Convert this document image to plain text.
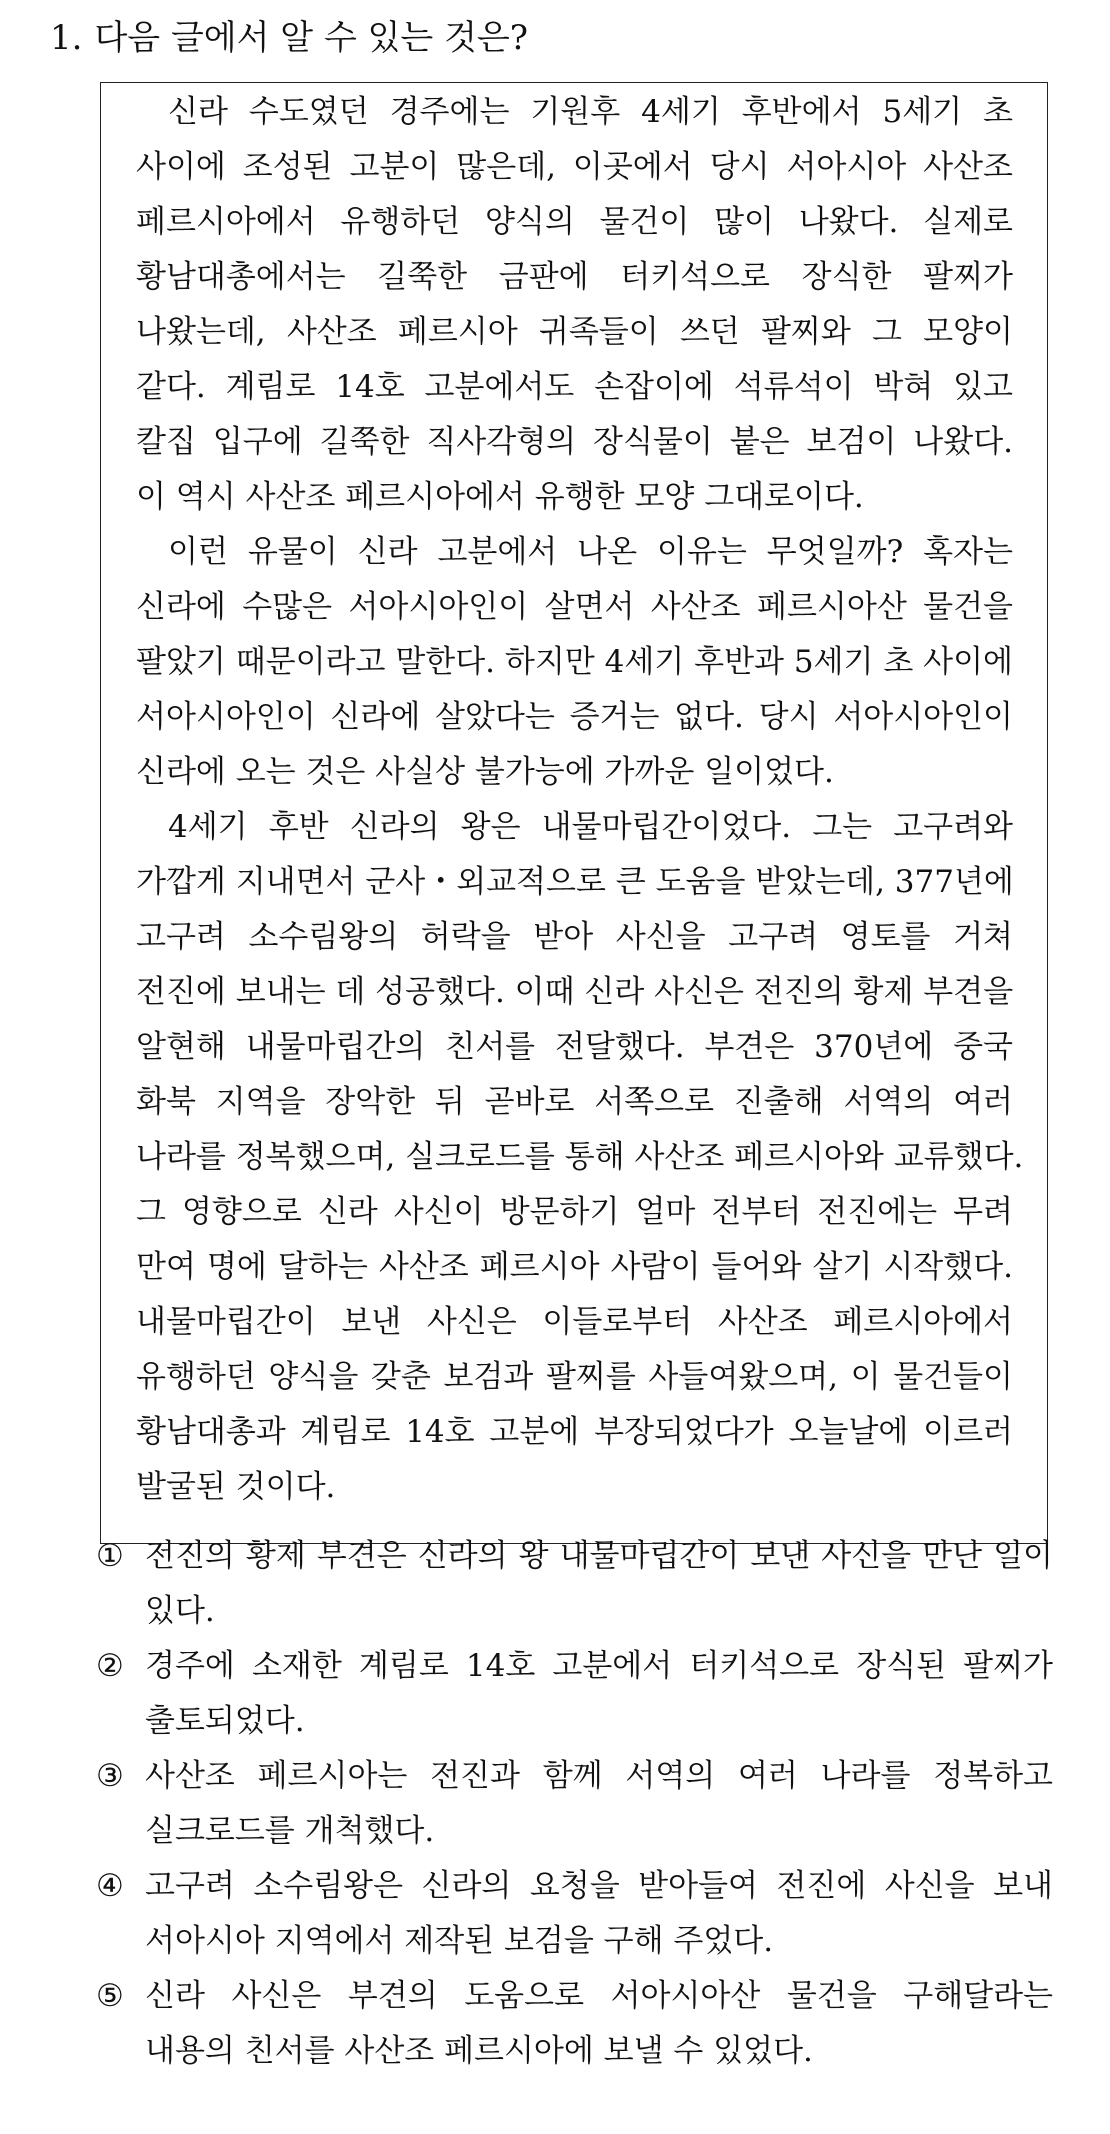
1. 다음 글에서 알 수 있는 것은?
신라 수도였던 경주에는 기원후 4세기 후반에서 5세기 초
사이에 조성된 고분이 많은데, 이곳에서 당시 서아시아 사산조
페르시아에서 유행하던 양식의 물건이 많이 나왔다. 실제로
황남대총에서는 길쭉한 금판에 터키석으로 장식한 팔찌가
나왔는데, 사산조 페르시아 귀족들이 쓰던 팔찌와 그 모양이
같다. 계림로 14호 고분에서도 손잡이에 석류석이 박혀 있고
칼집 입구에 길쭉한 직사각형의 장식물이 붙은 보검이 나왔다.
이 역시 사산조 페르시아에서 유행한 모양 그대로이다.
이런 유물이 신라 고분에서 나온 이유는 무엇일까? 혹자는
신라에 수많은 서아시아인이 살면서 사산조 페르시아산 물건을
팔았기 때문이라고 말한다. 하지만 4세기 후반과 5세기 초 사이에
서아시아인이 신라에 살았다는 증거는 없다. 당시 서아시아인이
신라에 오는 것은 사실상 불가능에 가까운 일이었다.
4세기 후반 신라의 왕은 내물마립간이었다. 그는 고구려와
가깝게 지내면서 군사・외교적으로 큰 도움을 받았는데, 377년에
고구려 소수림왕의 허락을 받아 사신을 고구려 영토를 거쳐
전진에 보내는 데 성공했다. 이때 신라 사신은 전진의 황제 부견을
알현해 내물마립간의 친서를 전달했다. 부견은 370년에 중국
화북 지역을 장악한 뒤 곧바로 서쪽으로 진출해 서역의 여러
나라를 정복했으며, 실크로드를 통해 사산조 페르시아와 교류했다.
그 영향으로 신라 사신이 방문하기 얼마 전부터 전진에는 무려
만여 명에 달하는 사산조 페르시아 사람이 들어와 살기 시작했다.
내물마립간이 보낸 사신은 이들로부터 사산조 페르시아에서
유행하던 양식을 갖춘 보검과 팔찌를 사들여왔으며, 이 물건들이
황남대총과 계림로 14호 고분에 부장되었다가 오늘날에 이르러
발굴된 것이다.
① 전진의 황제 부견은 신라의 왕 내물마립간이 보낸 사신을 만난 일이
있다.
② 경주에 소재한 계림로 14호 고분에서 터키석으로 장식된 팔찌가
출토되었다.
③ 사산조 페르시아는 전진과 함께 서역의 여러 나라를 정복하고
실크로드를 개척했다.
④ 고구려 소수림왕은 신라의 요청을 받아들여 전진에 사신을 보내
서아시아 지역에서 제작된 보검을 구해 주었다.
⑤ 신라 사신은 부견의 도움으로 서아시아산 물건을 구해달라는
내용의 친서를 사산조 페르시아에 보낼 수 있었다.
